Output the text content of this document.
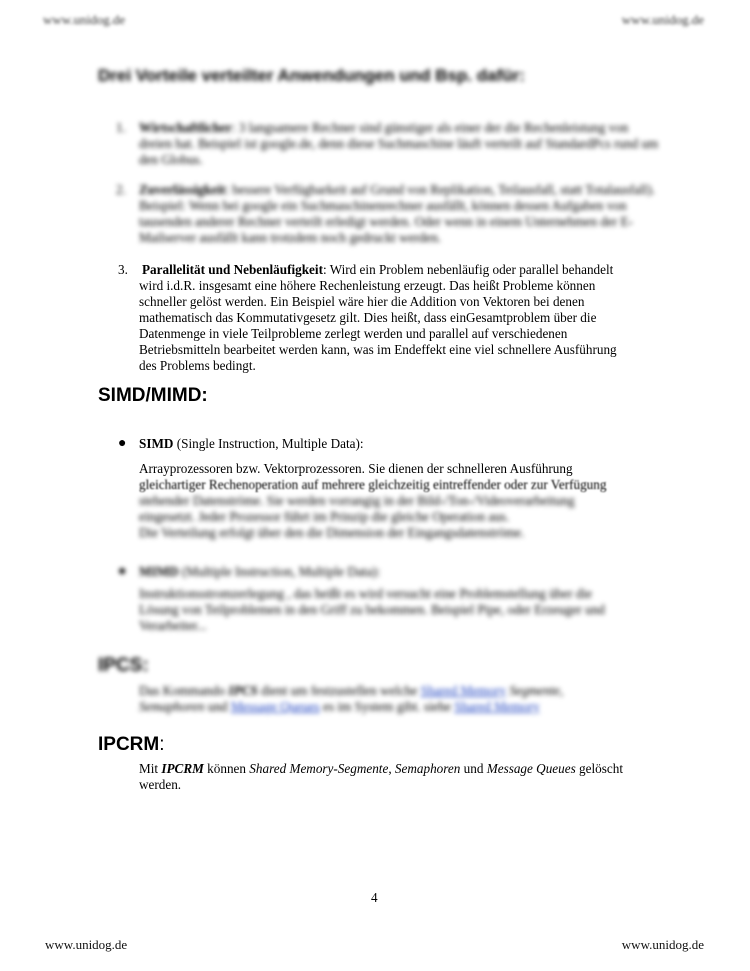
www.unidog.de	www.unidog.de
Drei Vorteile verteilter Anwendungen und Bsp. dafür:
1. Wirtschaftlicher: 3 langsamere Rechner sind günstiger als einer der die Rechenleistung von dreien hat. Beispiel ist google.de, denn diese Suchmaschine läuft verteilt auf StandardPcs rund um den Globus.
2. Zuverlässigkeit: bessere Verfügbarkeit auf Grund von Replikation, Teilausfall, statt Totalausfall). Beispiel: Wenn bei google ein Suchmaschinenrechner ausfällt, können dessen Aufgaben von tausenden anderer Rechner verteilt erledigt werden. Oder wenn in einem Unternehmen der E-Mailserver ausfällt kann trotzdem noch gedruckt werden.
3. Parallelität und Nebenläufigkeit: Wird ein Problem nebenläufig oder parallel behandelt
wird i.d.R. insgesamt eine höhere Rechenleistung erzeugt. Das heißt Probleme können
schneller gelöst werden. Ein Beispiel wäre hier die Addition von Vektoren bei denen
mathematisch das Kommutativgesetz gilt. Dies heißt, dass einGesamtproblem über die
Datenmenge in viele Teilprobleme zerlegt werden und parallel auf verschiedenen
Betriebsmitteln bearbeitet werden kann, was im Endeffekt eine viel schnellere Ausführung
des Problems bedingt.
SIMD/MIMD:
● SIMD (Single Instruction, Multiple Data):
Arrayprozessoren bzw. Vektorprozessoren. Sie dienen der schnelleren Ausführung
gleichartiger Rechenoperation auf mehrere gleichzeitig eintreffender oder zur Verfügung
stehender Datenströme. Sie werden vorrangig in der Bild-/Ton-/Videoverarbeitung
eingesetzt. Jeder Prozessor führt im Prinzip die gleiche Operation aus.
Die Verteilung erfolgt über den die Dimension der Eingangsdatenströme.
● MIMD (Multiple Instruction, Multiple Data):
Instruktionsstromzerlegung , das heißt es wird versucht eine Problemstellung über die
Lösung von Teilproblemen in den Griff zu bekommen. Beispiel Pipe, oder Erzeuger und
Verarbeiter...
IPCS:
Das Kommando IPCS dient um festzustellen welche Shared Memory Segmente,
Semaphoren und Message Queues es im System gibt. siehe Shared Memory
IPCRM:
Mit IPCRM können Shared Memory-Segmente, Semaphoren und Message Queues gelöscht
werden.
4
www.unidog.de	www.unidog.de
